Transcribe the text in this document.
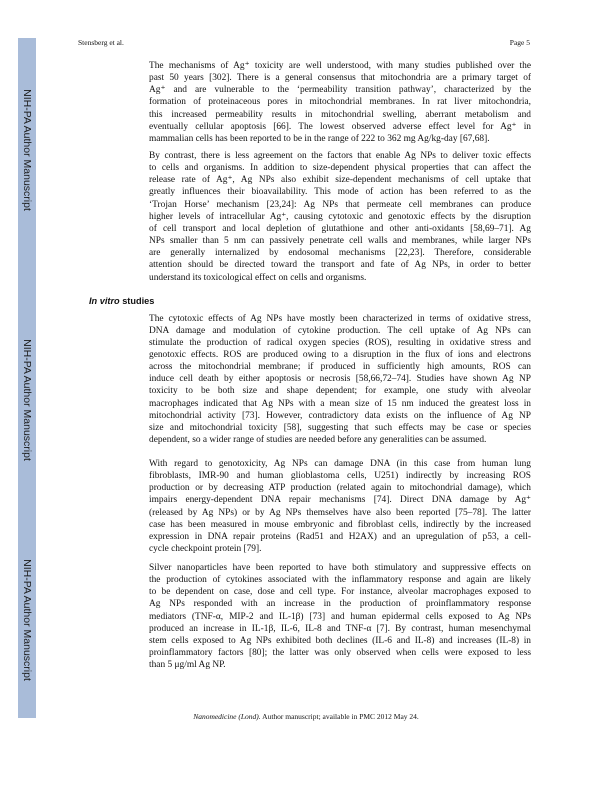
NIH-PA Author Manuscript
NIH-PA Author Manuscript
NIH-PA Author Manuscript
Stensberg et al.	Page 5
The mechanisms of Ag⁺ toxicity are well understood, with many studies published over the
past 50 years [302]. There is a general consensus that mitochondria are a primary target of
Ag⁺ and are vulnerable to the ‘permeability transition pathway’, characterized by the
formation of proteinaceous pores in mitochondrial membranes. In rat liver mitochondria,
this increased permeability results in mitochondrial swelling, aberrant metabolism and
eventually cellular apoptosis [66]. The lowest observed adverse effect level for Ag⁺ in
mammalian cells has been reported to be in the range of 222 to 362 mg Ag/kg-day [67,68].
By contrast, there is less agreement on the factors that enable Ag NPs to deliver toxic effects
to cells and organisms. In addition to size-dependent physical properties that can affect the
release rate of Ag⁺, Ag NPs also exhibit size-dependent mechanisms of cell uptake that
greatly influences their bioavailability. This mode of action has been referred to as the
‘Trojan Horse’ mechanism [23,24]: Ag NPs that permeate cell membranes can produce
higher levels of intracellular Ag⁺, causing cytotoxic and genotoxic effects by the disruption
of cell transport and local depletion of glutathione and other anti-oxidants [58,69–71]. Ag
NPs smaller than 5 nm can passively penetrate cell walls and membranes, while larger NPs
are generally internalized by endosomal mechanisms [22,23]. Therefore, considerable
attention should be directed toward the transport and fate of Ag NPs, in order to better
understand its toxicological effect on cells and organisms.
In vitro studies
The cytotoxic effects of Ag NPs have mostly been characterized in terms of oxidative stress,
DNA damage and modulation of cytokine production. The cell uptake of Ag NPs can
stimulate the production of radical oxygen species (ROS), resulting in oxidative stress and
genotoxic effects. ROS are produced owing to a disruption in the flux of ions and electrons
across the mitochondrial membrane; if produced in sufficiently high amounts, ROS can
induce cell death by either apoptosis or necrosis [58,66,72–74]. Studies have shown Ag NP
toxicity to be both size and shape dependent; for example, one study with alveolar
macrophages indicated that Ag NPs with a mean size of 15 nm induced the greatest loss in
mitochondrial activity [73]. However, contradictory data exists on the influence of Ag NP
size and mitochondrial toxicity [58], suggesting that such effects may be case or species
dependent, so a wider range of studies are needed before any generalities can be assumed.
With regard to genotoxicity, Ag NPs can damage DNA (in this case from human lung
fibroblasts, IMR-90 and human glioblastoma cells, U251) indirectly by increasing ROS
production or by decreasing ATP production (related again to mitochondrial damage), which
impairs energy-dependent DNA repair mechanisms [74]. Direct DNA damage by Ag⁺
(released by Ag NPs) or by Ag NPs themselves have also been reported [75–78]. The latter
case has been measured in mouse embryonic and fibroblast cells, indirectly by the increased
expression in DNA repair proteins (Rad51 and H2AX) and an upregulation of p53, a cell-
cycle checkpoint protein [79].
Silver nanoparticles have been reported to have both stimulatory and suppressive effects on
the production of cytokines associated with the inflammatory response and again are likely
to be dependent on case, dose and cell type. For instance, alveolar macrophages exposed to
Ag NPs responded with an increase in the production of proinflammatory response
mediators (TNF-α, MIP-2 and IL-1β) [73] and human epidermal cells exposed to Ag NPs
produced an increase in IL-1β, IL-6, IL-8 and TNF-α [7]. By contrast, human mesenchymal
stem cells exposed to Ag NPs exhibited both declines (IL-6 and IL-8) and increases (IL-8) in
proinflammatory factors [80]; the latter was only observed when cells were exposed to less
than 5 μg/ml Ag NP.
Nanomedicine (Lond). Author manuscript; available in PMC 2012 May 24.
